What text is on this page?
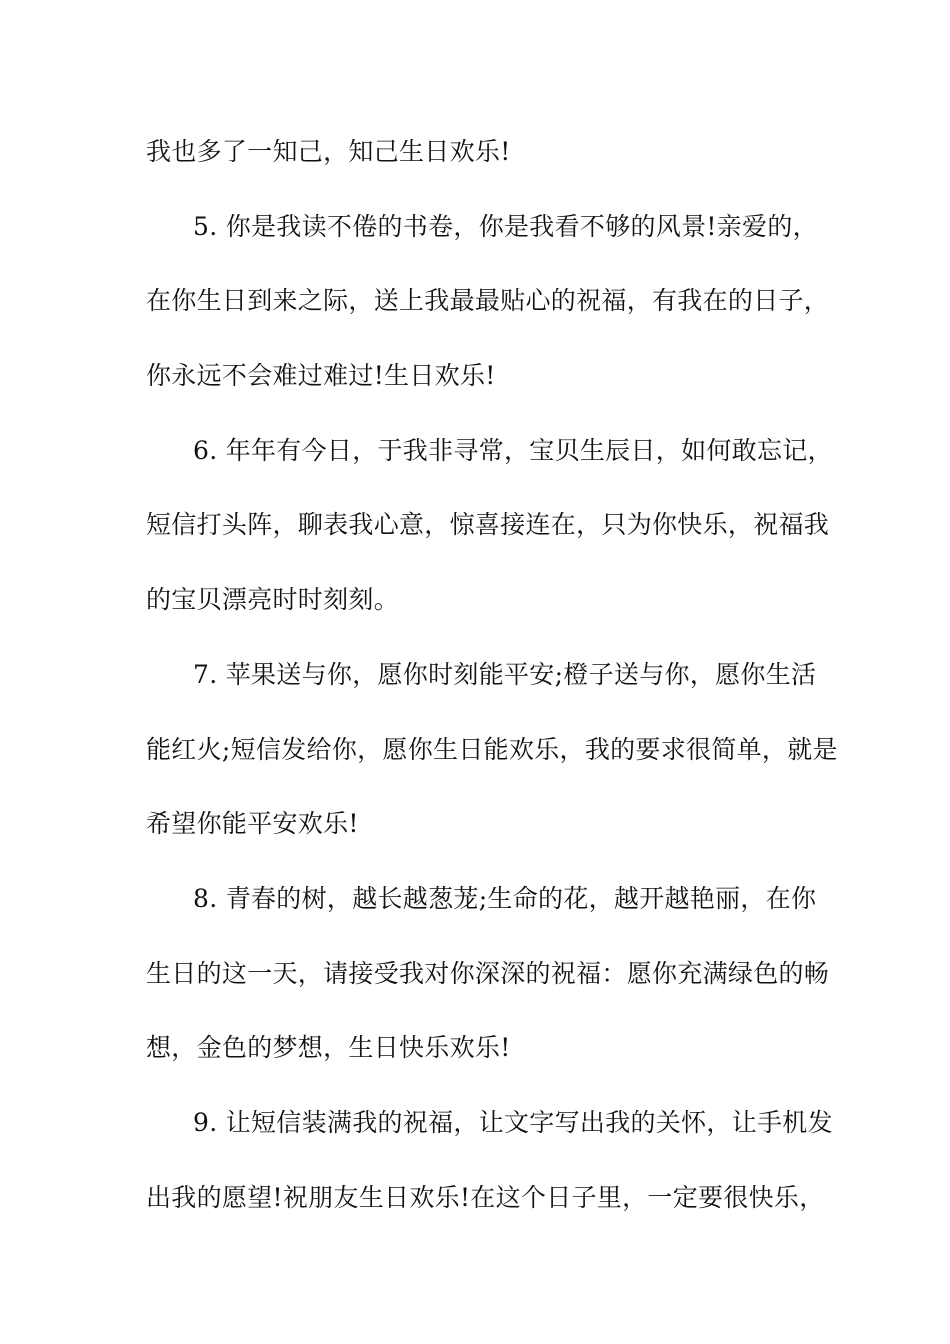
我也多了一知己，知己生日欢乐!

5. 你是我读不倦的书卷，你是我看不够的风景!亲爱的，

在你生日到来之际，送上我最最贴心的祝福，有我在的日子，

你永远不会难过难过!生日欢乐!

6. 年年有今日，于我非寻常，宝贝生辰日，如何敢忘记，

短信打头阵，聊表我心意，惊喜接连在，只为你快乐，祝福我

的宝贝漂亮时时刻刻。

7. 苹果送与你，愿你时刻能平安;橙子送与你，愿你生活

能红火;短信发给你，愿你生日能欢乐，我的要求很简单，就是

希望你能平安欢乐!

8. 青春的树，越长越葱茏;生命的花，越开越艳丽，在你

生日的这一天，请接受我对你深深的祝福：愿你充满绿色的畅

想，金色的梦想，生日快乐欢乐!

9. 让短信装满我的祝福，让文字写出我的关怀，让手机发

出我的愿望!祝朋友生日欢乐!在这个日子里，一定要很快乐，
